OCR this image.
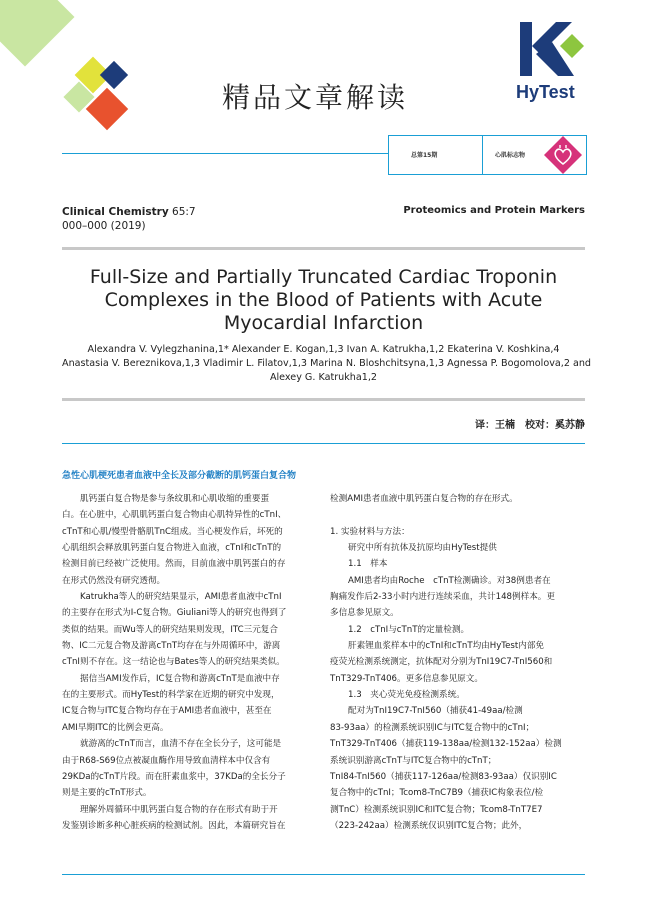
精品文章解读	HyTest
总第15期	心肌标志物
Clinical Chemistry 65:7
000–000 (2019)
Proteomics and Protein Markers
Full-Size and Partially Truncated Cardiac Troponin
Complexes in the Blood of Patients with Acute
Myocardial Infarction
Alexandra V. Vylegzhanina,1* Alexander E. Kogan,1,3 Ivan A. Katrukha,1,2 Ekaterina V. Koshkina,4
Anastasia V. Bereznikova,1,3 Vladimir L. Filatov,1,3 Marina N. Bloshchitsyna,1,3 Agnessa P. Bogomolova,2 and
Alexey G. Katrukha1,2
译：王楠　校对：奚苏静
急性心肌梗死患者血液中全长及部分截断的肌钙蛋白复合物

肌钙蛋白复合物是参与条纹肌和心肌收缩的重要蛋

白。在心脏中，心肌肌钙蛋白复合物由心肌特异性的cTnI、

cTnT和心肌/慢型骨骼肌TnC组成。当心梗发作后，坏死的

心肌组织会释放肌钙蛋白复合物进入血液，cTnI和cTnT的

检测目前已经被广泛使用。然而，目前血液中肌钙蛋白的存

在形式仍然没有研究透彻。

Katrukha等人的研究结果显示，AMI患者血液中cTnI

的主要存在形式为I-C复合物。Giuliani等人的研究也得到了

类似的结果。而Wu等人的研究结果则发现，ITC三元复合

物、IC二元复合物及游离cTnT均存在与外周循环中，游离

cTnI则不存在。这一结论也与Bates等人的研究结果类似。

据信当AMI发作后，IC复合物和游离cTnT是血液中存

在的主要形式。而HyTest的科学家在近期的研究中发现，

IC复合物与ITC复合物均存在于AMI患者血液中，甚至在

AMI早期ITC的比例会更高。

就游离的cTnT而言，血清不存在全长分子，这可能是

由于R68-S69位点被凝血酶作用导致血清样本中仅含有

29KDa的cTnT片段。而在肝素血浆中，37KDa的全长分子

则是主要的cTnT形式。

理解外周循环中肌钙蛋白复合物的存在形式有助于开

发鉴别诊断多种心脏疾病的检测试剂。因此，本篇研究旨在

检测AMI患者血液中肌钙蛋白复合物的存在形式。

1. 实验材料与方法：

研究中所有抗体及抗原均由HyTest提供

1.1　样本

AMI患者均由Roche　cTnT检测确诊。对38例患者在

胸痛发作后2-33小时内进行连续采血，共计148例样本。更

多信息参见原文。

1.2　cTnI与cTnT的定量检测。

肝素锂血浆样本中的cTnI和cTnT均由HyTest内部免

疫荧光检测系统测定，抗体配对分别为TnI19C7-TnI560和

TnT329-TnT406。更多信息参见原文。

1.3　夹心荧光免疫检测系统。

配对为TnI19C7-TnI560（捕获41-49aa/检测

83-93aa）的检测系统识别IC与ITC复合物中的cTnI；

TnT329-TnT406（捕获119-138aa/检测132-152aa）检测

系统识别游离cTnT与ITC复合物中的cTnT；

TnI84-TnI560（捕获117-126aa/检测83-93aa）仅识别IC

复合物中的cTnI；Tcom8-TnC7B9（捕获IC构象表位/检

测TnC）检测系统识别IC和ITC复合物；Tcom8-TnT7E7

（223-242aa）检测系统仅识别ITC复合物；此外，
